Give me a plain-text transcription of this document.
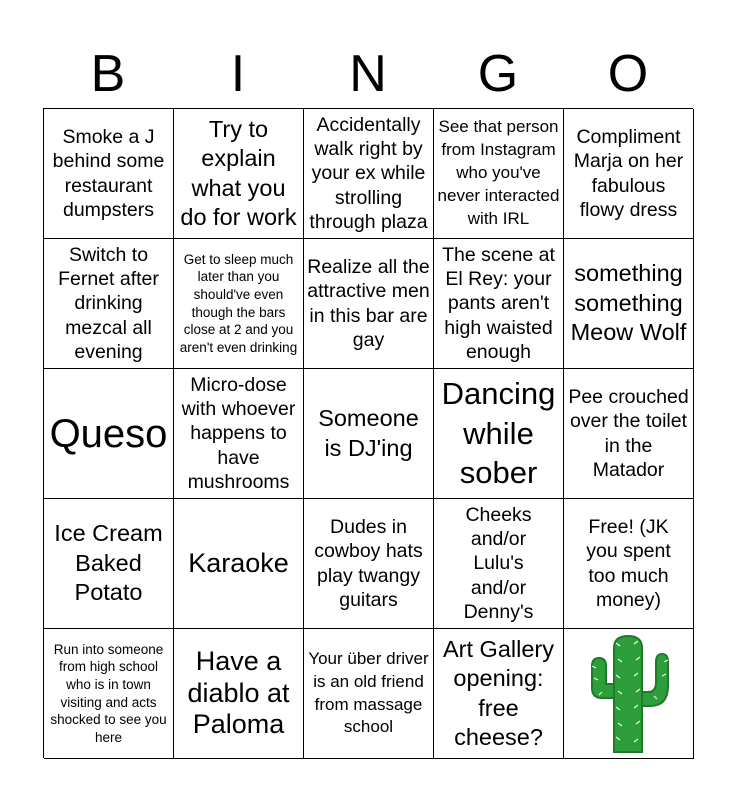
B	I	N	G	O
Smoke a J behind some restaurant dumpsters
Try to explain what you do for work
Accidentally walk right by your ex while strolling through plaza
See that person from Instagram who you've never interacted with IRL
Compliment Marja on her fabulous flowy dress
Switch to Fernet after drinking mezcal all evening
Get to sleep much later than you should've even though the bars close at 2 and you aren't even drinking
Realize all the attractive men in this bar are gay
The scene at El Rey: your pants aren't high waisted enough
something something Meow Wolf
Queso
Micro-dose with whoever happens to have mushrooms
Someone is DJ'ing
Dancing while sober
Pee crouched over the toilet in the Matador
Ice Cream Baked Potato
Karaoke
Dudes in cowboy hats play twangy guitars
Cheeks and/or Lulu's and/or Denny's
Free! (JK you spent too much money)
Run into someone from high school who is in town visiting and acts shocked to see you here
Have a diablo at Paloma
Your über driver is an old friend from massage school
Art Gallery opening: free cheese?
